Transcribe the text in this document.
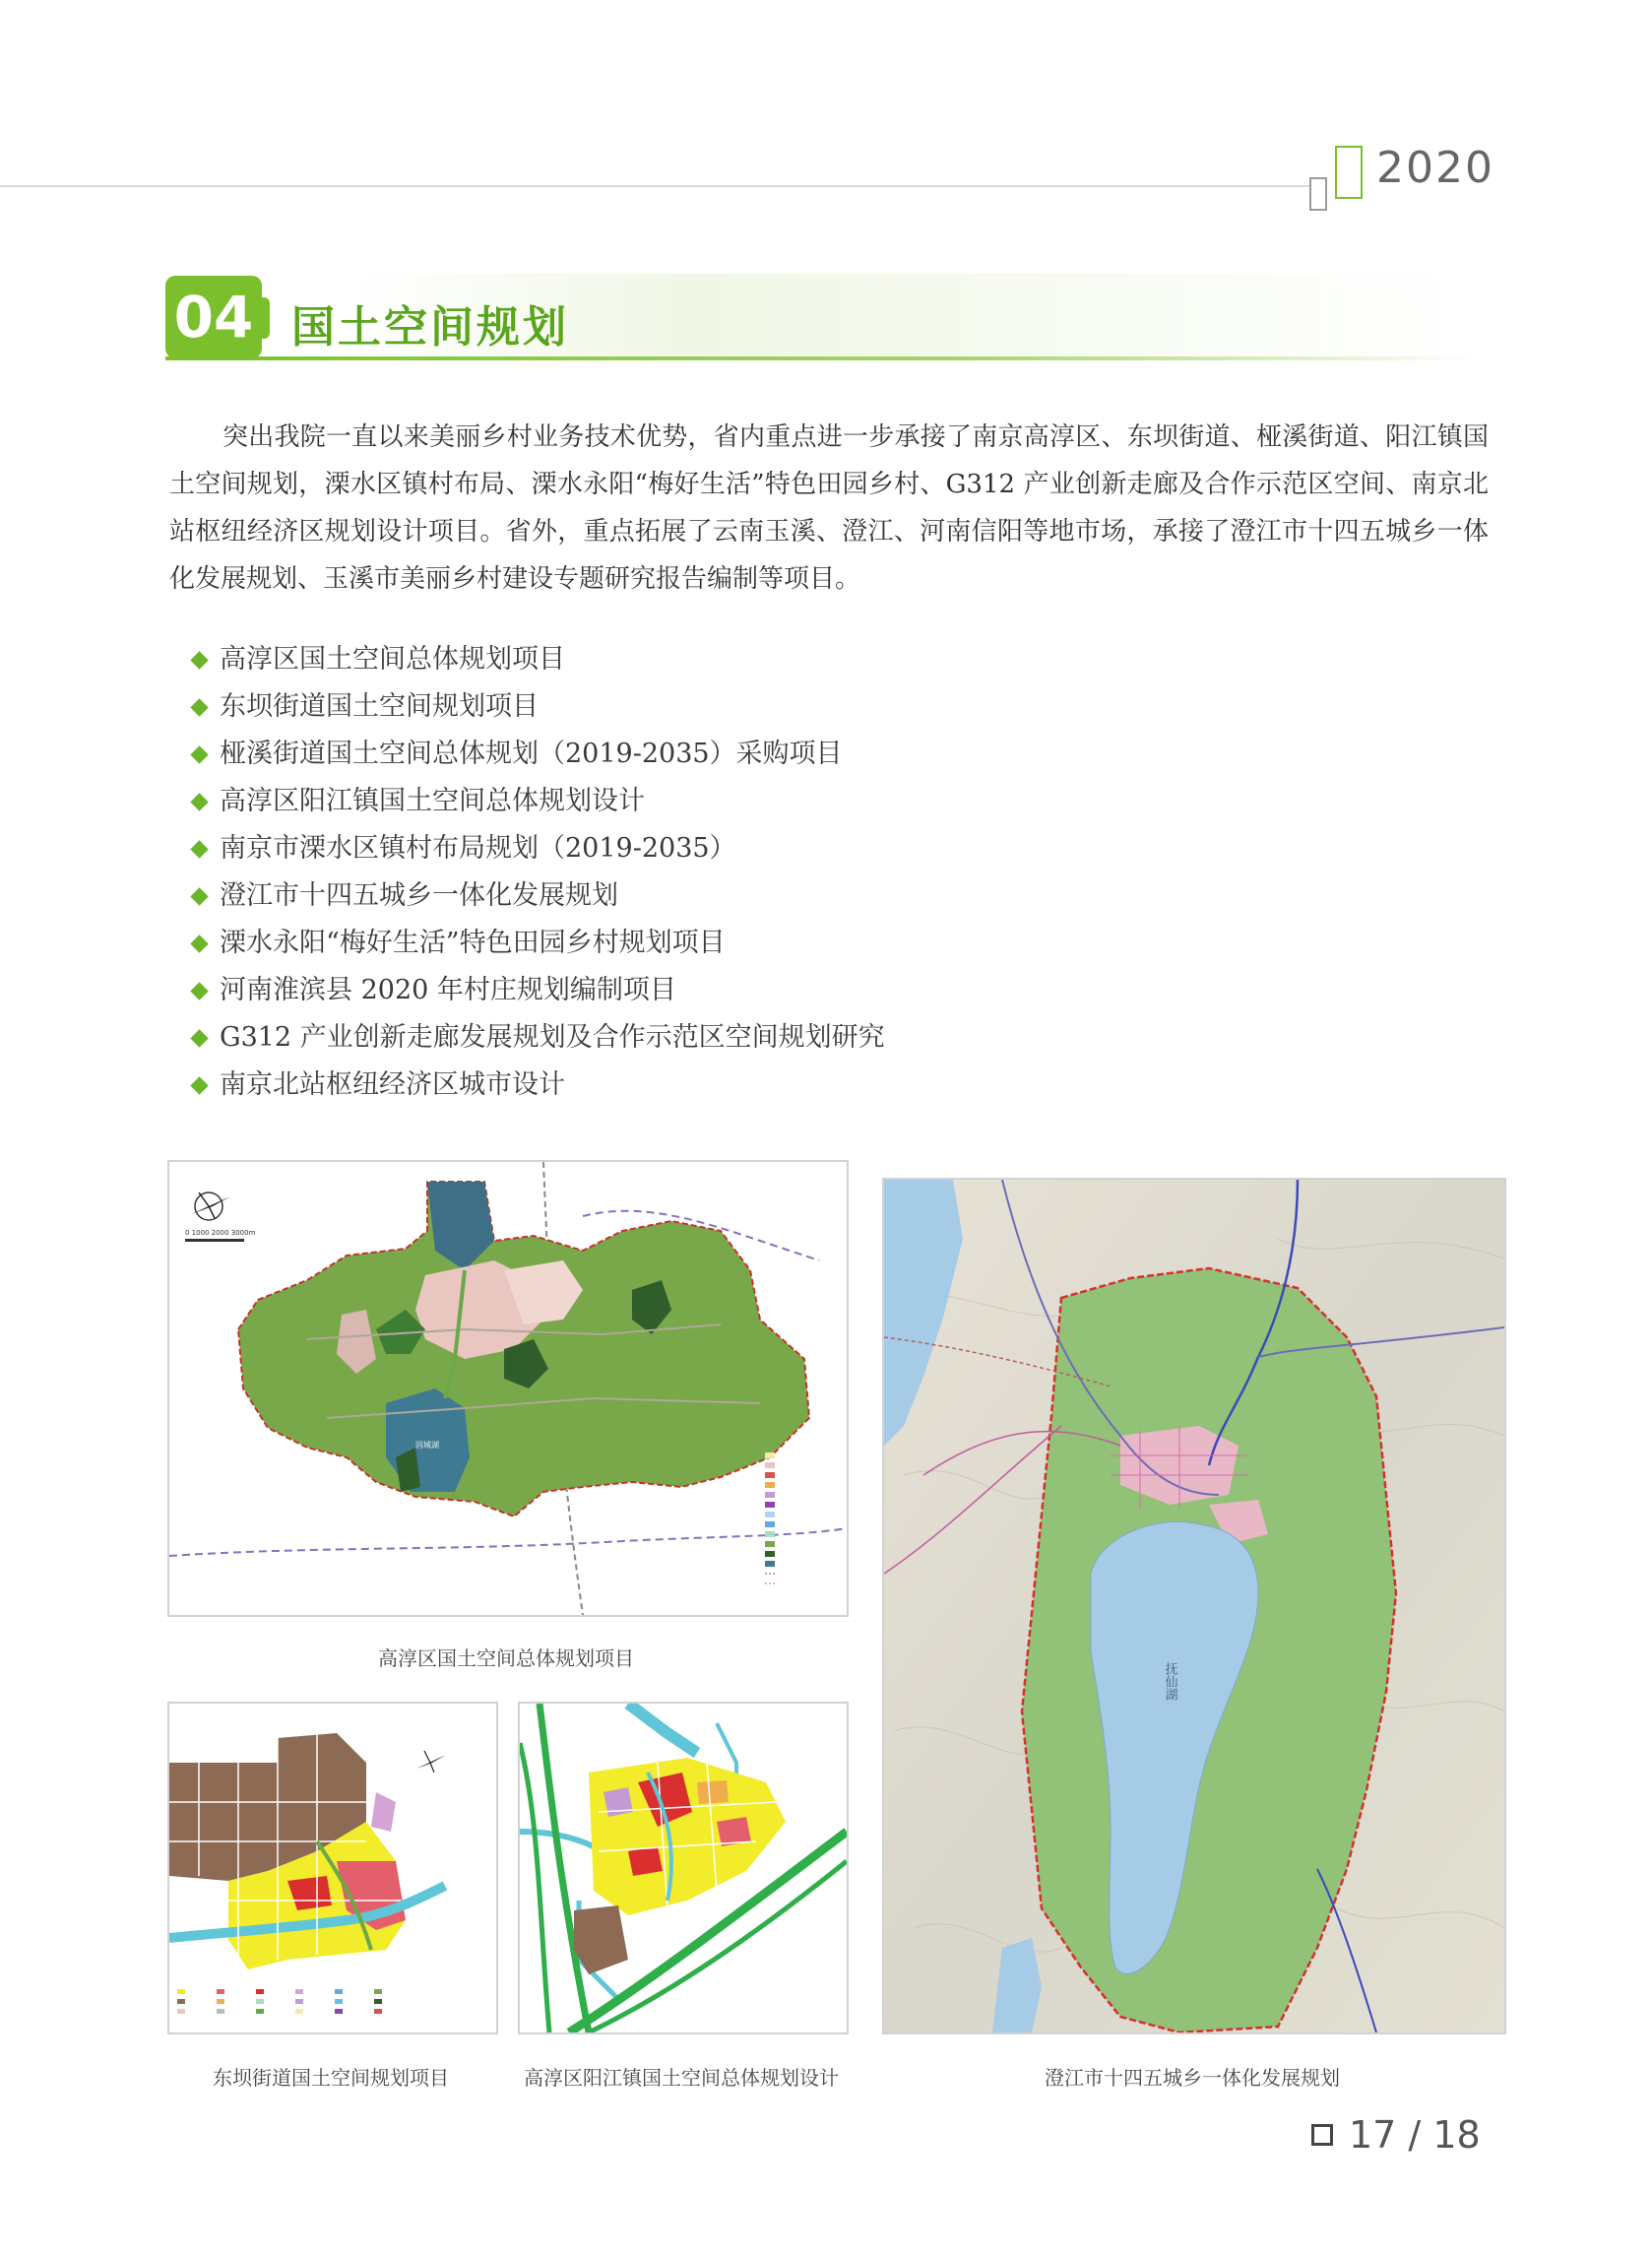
2020
04 国土空间规划

突出我院一直以来美丽乡村业务技术优势，省内重点进一步承接了南京高淳区、东坝街道、桠溪街道、阳江镇国土空间规划，溧水区镇村布局、溧水永阳“梅好生活”特色田园乡村、G312 产业创新走廊及合作示范区空间、南京北站枢纽经济区规划设计项目。省外，重点拓展了云南玉溪、澄江、河南信阳等地市场，承接了澄江市十四五城乡一体化发展规划、玉溪市美丽乡村建设专题研究报告编制等项目。

高淳区国土空间总体规划项目
东坝街道国土空间规划项目
桠溪街道国土空间总体规划（2019-2035）采购项目
高淳区阳江镇国土空间总体规划设计
南京市溧水区镇村布局规划（2019-2035）
澄江市十四五城乡一体化发展规划
溧水永阳“梅好生活”特色田园乡村规划项目
河南淮滨县 2020 年村庄规划编制项目
G312 产业创新走廊发展规划及合作示范区空间规划研究
南京北站枢纽经济区城市设计
0 1000 2000 3000m
固城湖
高淳区国土空间总体规划项目
东坝街道国土空间规划项目	高淳区阳江镇国土空间总体规划设计
抚仙湖
澄江市十四五城乡一体化发展规划
17 / 18
